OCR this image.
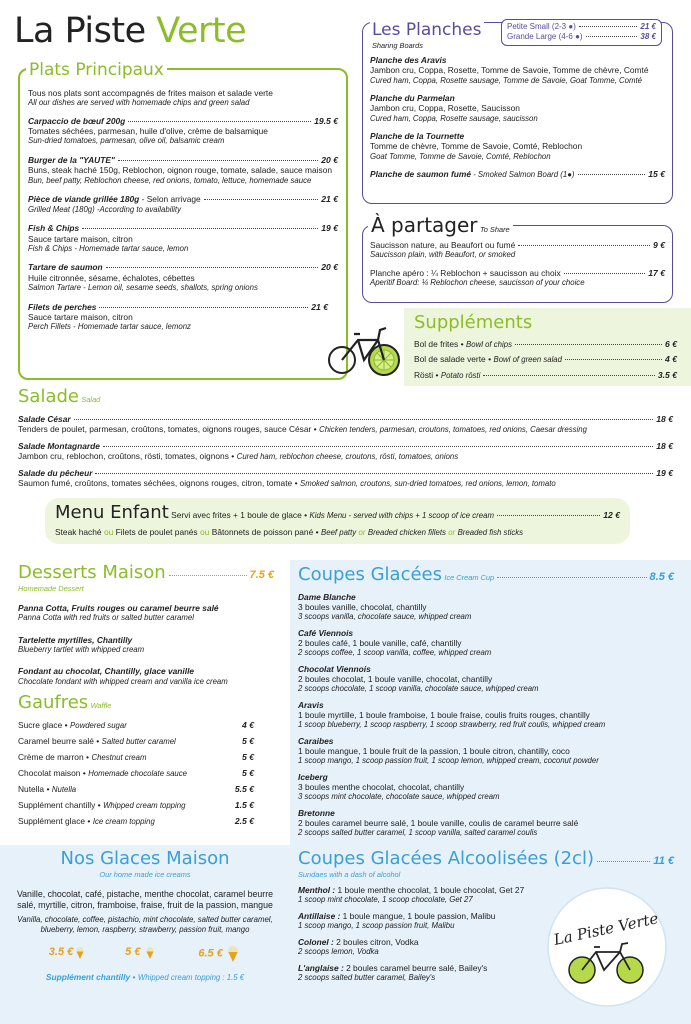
La Piste Verte
Tous nos plats sont accompagnés de frites maison et salade verte
All our dishes are served with homemade chips and green salad
Carpaccio de bœuf 200g	19.5 €
Tomates séchées, parmesan, huile d'olive, crème de balsamique
Sun-dried tomatoes, parmesan, olive oil, balsamic cream
Burger de la "YAUTE"	20 €
Buns, steak haché 150g, Reblochon, oignon rouge, tomate, salade, sauce maison
Bun, beef patty, Reblochon cheese, red onions, tomato, lettuce, homemade sauce
Pièce de viande grillée 180g - Selon arrivage	21 €
Grilled Meat (180g) -According to availability
Fish & Chips	19 €
Sauce tartare maison, citron
Fish & Chips - Homemade tartar sauce, lemon
Tartare de saumon	20 €
Huile citronnée, sésame, échalotes, cébettes
Salmon Tartare - Lemon oil, sesame seeds, shallots, spring onions
Filets de perches	21 €
Sauce tartare maison, citron
Perch Fillets - Homemade tartar sauce, lemonz
Plats Principaux	Planche des Aravis
Jambon cru, Coppa, Rosette, Tomme de Savoie, Tomme de chèvre, Comté
Cured ham, Coppa, Rosette sausage, Tomme de Savoie, Goat Tomme, Comté
Planche du Parmelan
Jambon cru, Coppa, Rosette, Saucisson
Cured ham, Coppa, Rosette sausage, saucisson
Planche de la Tournette
Tomme de chèvre, Tomme de Savoie, Comté, Reblochon
Goat Tomme, Tomme de Savoie, Comté, Reblochon
Planche de saumon fumé - Smoked Salmon Board (1●)	15 €
Les Planches
Sharing Boards
Petite Small (2-3 ●)	21 €
Grande Large (4-6 ●)	38 €
Saucisson nature, au Beaufort ou fumé	9 €
Saucisson plain, with Beaufort, or smoked
Planche apéro : ¼ Reblochon + saucisson au choix	17 €
Aperitif Board: ¼ Reblochon cheese, saucisson of your choice
À partager To Share
Suppléments
Bol de frites • Bowl of chips	6 €
Bol de salade verte • Bowl of green salad	4 €
Rösti • Potato rösti	3.5 €
Salade Salad
Salade César	18 €
Tenders de poulet, parmesan, croûtons, tomates, oignons rouges, sauce César • Chicken tenders, parmesan, croutons, tomatoes, red onions, Caesar dressing
Salade Montagnarde	18 €
Jambon cru, reblochon, croûtons, rösti, tomates, oignons • Cured ham, reblochon cheese, croutons, rösti, tomatoes, onions
Salade du pêcheur	19 €
Saumon fumé, croûtons, tomates séchées, oignons rouges, citron, tomate • Smoked salmon, croutons, sun-dried tomatoes, red onions, lemon, tomato
Menu Enfant Servi avec frites + 1 boule de glace • Kids Menu - served with chips + 1 scoop of ice cream	12 €
Steak haché ou Filets de poulet panés ou Bâtonnets de poisson pané • Beef patty or Breaded chicken fillets or Breaded fish sticks
Desserts Maison	7.5 €
Homemade Dessert
Panna Cotta, Fruits rouges ou caramel beurre salé
Panna Cotta with red fruits or salted butter caramel
Tartelette myrtilles, Chantilly
Blueberry tartlet with whipped cream
Fondant au chocolat, Chantilly, glace vanille
Chocolate fondant with whipped cream and vanilla ice cream
Gaufres Waffle
Sucre glace • Powdered sugar	4 €
Caramel beurre salé • Salted butter caramel	5 €
Crème de marron • Chestnut cream	5 €
Chocolat maison • Homemade chocolate sauce	5 €
Nutella • Nutella	5.5 €
Supplément chantilly • Whipped cream topping	1.5 €
Supplément glace • Ice cream topping	2.5 €
Nos Glaces Maison
Our home made ice creams
Vanille, chocolat, café, pistache, menthe chocolat, caramel beurre salé, myrtille, citron, framboise, fraise, fruit de la passion, mangue
Vanilla, chocolate, coffee, pistachio, mint chocolate, salted butter caramel, blueberry, lemon, raspberry, strawberry, passion fruit, mango
3.5 €	5 €	6.5 €
Supplément chantilly • Whipped cream topping : 1.5 €
Coupes Glacées Ice Cream Cup	8.5 €
Dame Blanche
3 boules vanille, chocolat, chantilly
3 scoops vanilla, chocolate sauce, whipped cream
Café Viennois
2 boules café, 1 boule vanille, café, chantilly
2 scoops coffee, 1 scoop vanilla, coffee, whipped cream
Chocolat Viennois
2 boules chocolat, 1 boule vanille, chocolat, chantilly
2 scoops chocolate, 1 scoop vanilla, chocolate sauce, whipped cream
Aravis
1 boule myrtille, 1 boule framboise, 1 boule fraise, coulis fruits rouges, chantilly
1 scoop blueberry, 1 scoop raspberry, 1 scoop strawberry, red fruit coulis, whipped cream
Caraibes
1 boule mangue, 1 boule fruit de la passion, 1 boule citron, chantilly, coco
1 scoop mango, 1 scoop passion fruit, 1 scoop lemon, whipped cream, coconut powder
Iceberg
3 boules menthe chocolat, chocolat, chantilly
3 scoops mint chocolate, chocolate sauce, whipped cream
Bretonne
2 boules caramel beurre salé, 1 boule vanille, coulis de caramel beurre salé
2 scoops salted butter caramel, 1 scoop vanilla, salted caramel coulis
Coupes Glacées Alcoolisées (2cl)	11 €
Sundaes with a dash of alcohol
Menthol : 1 boule menthe chocolat, 1 boule chocolat, Get 27
1 scoop mint chocolate, 1 scoop chocolate, Get 27
Antillaise : 1 boule mangue, 1 boule passion, Malibu
1 scoop mango, 1 scoop passion fruit, Malibu
Colonel : 2 boules citron, Vodka
2 scoops lemon, Vodka
L'anglaise : 2 boules caramel beurre salé, Bailey's
2 scoops salted butter caramel, Bailey's
La Piste Verte
